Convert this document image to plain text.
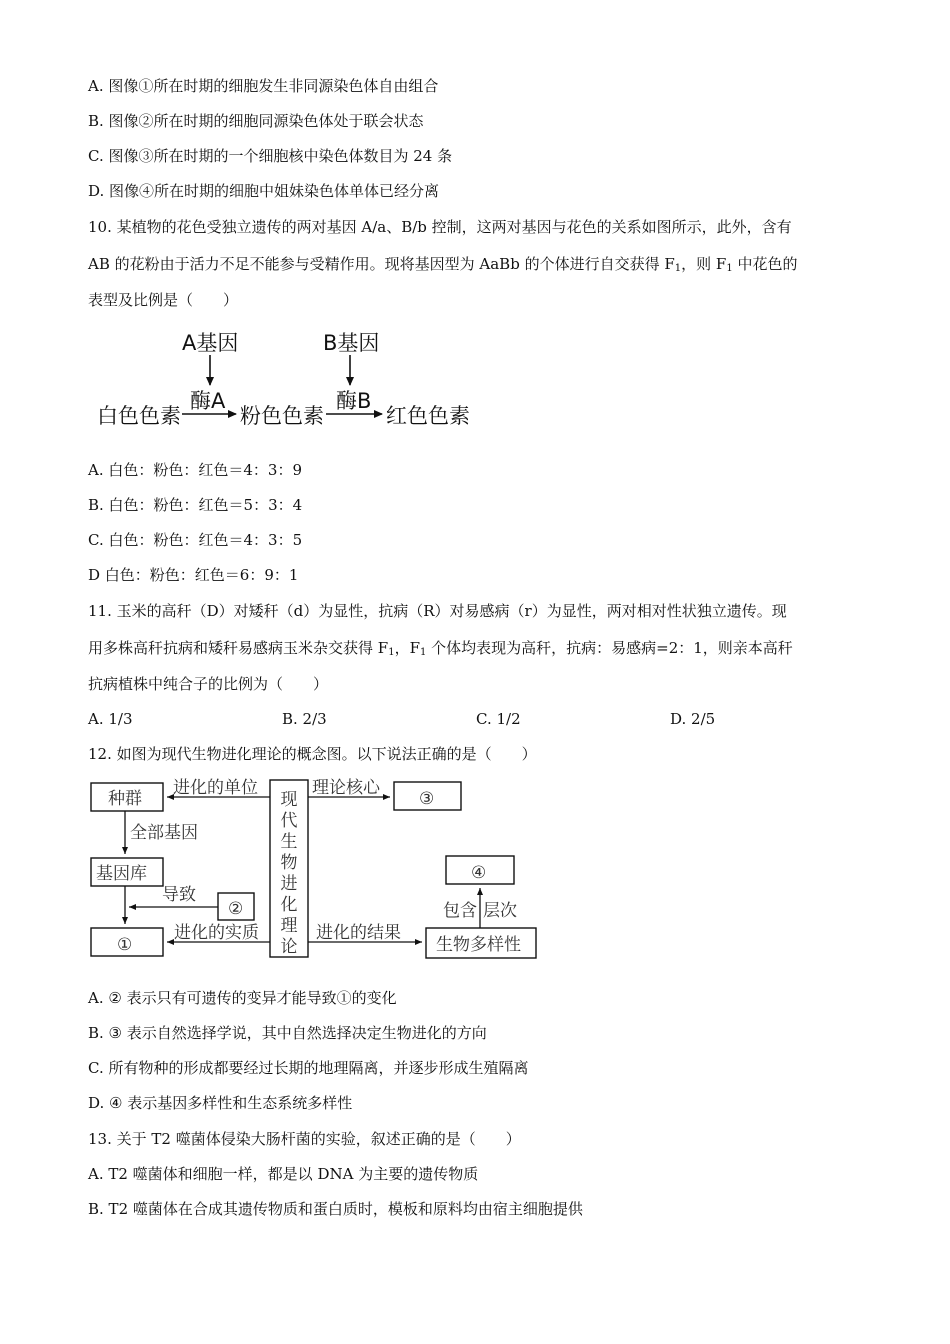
A. 图像①所在时期的细胞发生非同源染色体自由组合
B. 图像②所在时期的细胞同源染色体处于联会状态
C. 图像③所在时期的一个细胞核中染色体数目为 24 条
D. 图像④所在时期的细胞中姐妹染色体单体已经分离
10. 某植物的花色受独立遗传的两对基因 A/a、B/b 控制，这两对基因与花色的关系如图所示，此外，含有
AB 的花粉由于活力不足不能参与受精作用。现将基因型为 AaBb 的个体进行自交获得 $F_1$，则 $F_1$ 中花色的
表型及比例是（　　）
A基因	B基因
酶A	酶B
白色色素	粉色色素	红色色素
种群
基因库
①
②
③
④
生物多样性
进化的单位	理论核心
全部基因
导致
进化的实质	进化的结果
包含 层次
现
代
生
物
进
化
理
论
A. 白色：粉色：红色＝4：3：9
B. 白色：粉色：红色＝5：3：4
C. 白色：粉色：红色＝4：3：5
D 白色：粉色：红色＝6：9：1
11. 玉米的高秆（D）对矮秆（d）为显性，抗病（R）对易感病（r）为显性，两对相对性状独立遗传。现
用多株高秆抗病和矮秆易感病玉米杂交获得 $F_1$，$F_1$ 个体均表现为高秆，抗病：易感病=2：1，则亲本高秆
抗病植株中纯合子的比例为（　　）
A. 1/3	B. 2/3	C. 1/2	D. 2/5
12. 如图为现代生物进化理论的概念图。以下说法正确的是（　　）
A. ② 表示只有可遗传的变异才能导致①的变化
B. ③ 表示自然选择学说，其中自然选择决定生物进化的方向
C. 所有物种的形成都要经过长期的地理隔离，并逐步形成生殖隔离
D. ④ 表示基因多样性和生态系统多样性
13. 关于 T2 噬菌体侵染大肠杆菌的实验，叙述正确的是（　　）
A. T2 噬菌体和细胞一样，都是以 DNA 为主要的遗传物质
B. T2 噬菌体在合成其遗传物质和蛋白质时，模板和原料均由宿主细胞提供
